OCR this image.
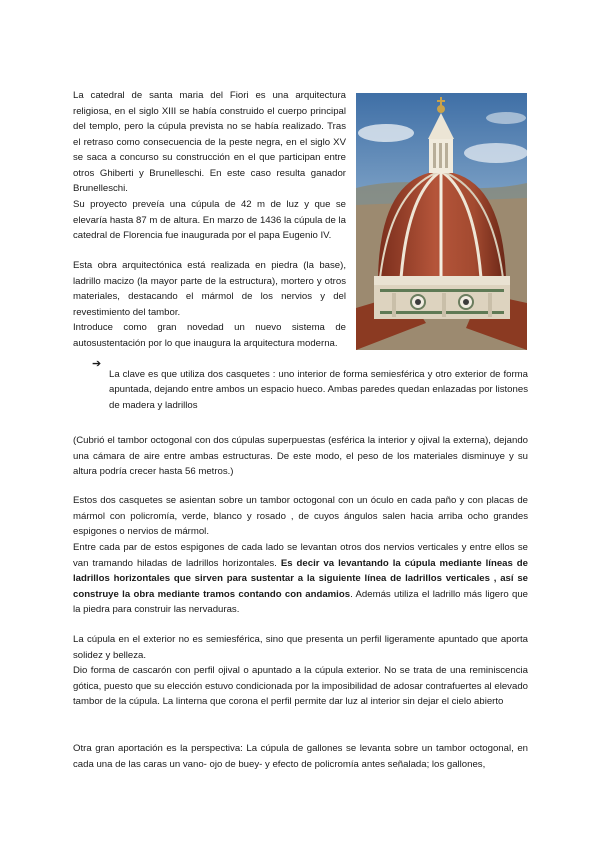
La catedral de santa maria del Fiori es una arquitectura religiosa, en el siglo XIII se había construido el cuerpo principal del templo, pero la cúpula prevista no se había realizado. Tras el retraso como consecuencia de la peste negra, en el siglo XV se saca a concurso su construcción en el que participan entre otros Ghiberti y Brunelleschi. En este caso resulta ganador Brunelleschi.

Su proyecto preveía una cúpula de 42 m de luz y que se elevaría hasta 87 m de altura. En marzo de 1436 la cúpula de la catedral de Florencia fue inaugurada por el papa Eugenio IV.

Esta obra arquitectónica está realizada en piedra (la base), ladrillo macizo (la mayor parte de la estructura), mortero y otros materiales, destacando el mármol de los nervios y del revestimiento del tambor.

Introduce como gran novedad un nuevo sistema de autosustentación por lo que inaugura la arquitectura moderna.

➔

La clave es que utiliza dos casquetes : uno interior de forma semiesférica y otro exterior de forma apuntada, dejando entre ambos un espacio hueco. Ambas paredes quedan enlazadas por listones de madera y ladrillos

(Cubrió el tambor octogonal con dos cúpulas superpuestas (esférica la interior y ojival la externa), dejando una cámara de aire entre ambas estructuras. De este modo, el peso de los materiales disminuye y su altura podría crecer hasta 56 metros.)

Estos dos casquetes se asientan sobre un tambor octogonal con un óculo en cada paño y con placas de mármol con policromía, verde, blanco y rosado , de cuyos ángulos salen hacia arriba ocho grandes espigones o nervios de mármol.

Entre cada par de estos espigones de cada lado se levantan otros dos nervios verticales y entre ellos se van tramando hiladas de ladrillos horizontales. Es decir va levantando la cúpula mediante líneas de ladrillos horizontales que sirven para sustentar a la siguiente línea de ladrillos verticales , así se construye la obra mediante tramos contando con andamios. Además utiliza el ladrillo más ligero que la piedra para construir las nervaduras.

La cúpula en el exterior no es semiesférica, sino que presenta un perfil ligeramente apuntado que aporta solidez y belleza.

Dio forma de cascarón con perfil ojival o apuntado a la cúpula exterior. No se trata de una reminiscencia gótica, puesto que su elección estuvo condicionada por la imposibilidad de adosar contrafuertes al elevado tambor de la cúpula. La linterna que corona el perfil permite dar luz al interior sin dejar el cielo abierto

Otra gran aportación es la perspectiva: La cúpula de gallones se levanta sobre un tambor octogonal, en cada una de las caras un vano- ojo de buey- y efecto de policromía antes señalada; los gallones,
